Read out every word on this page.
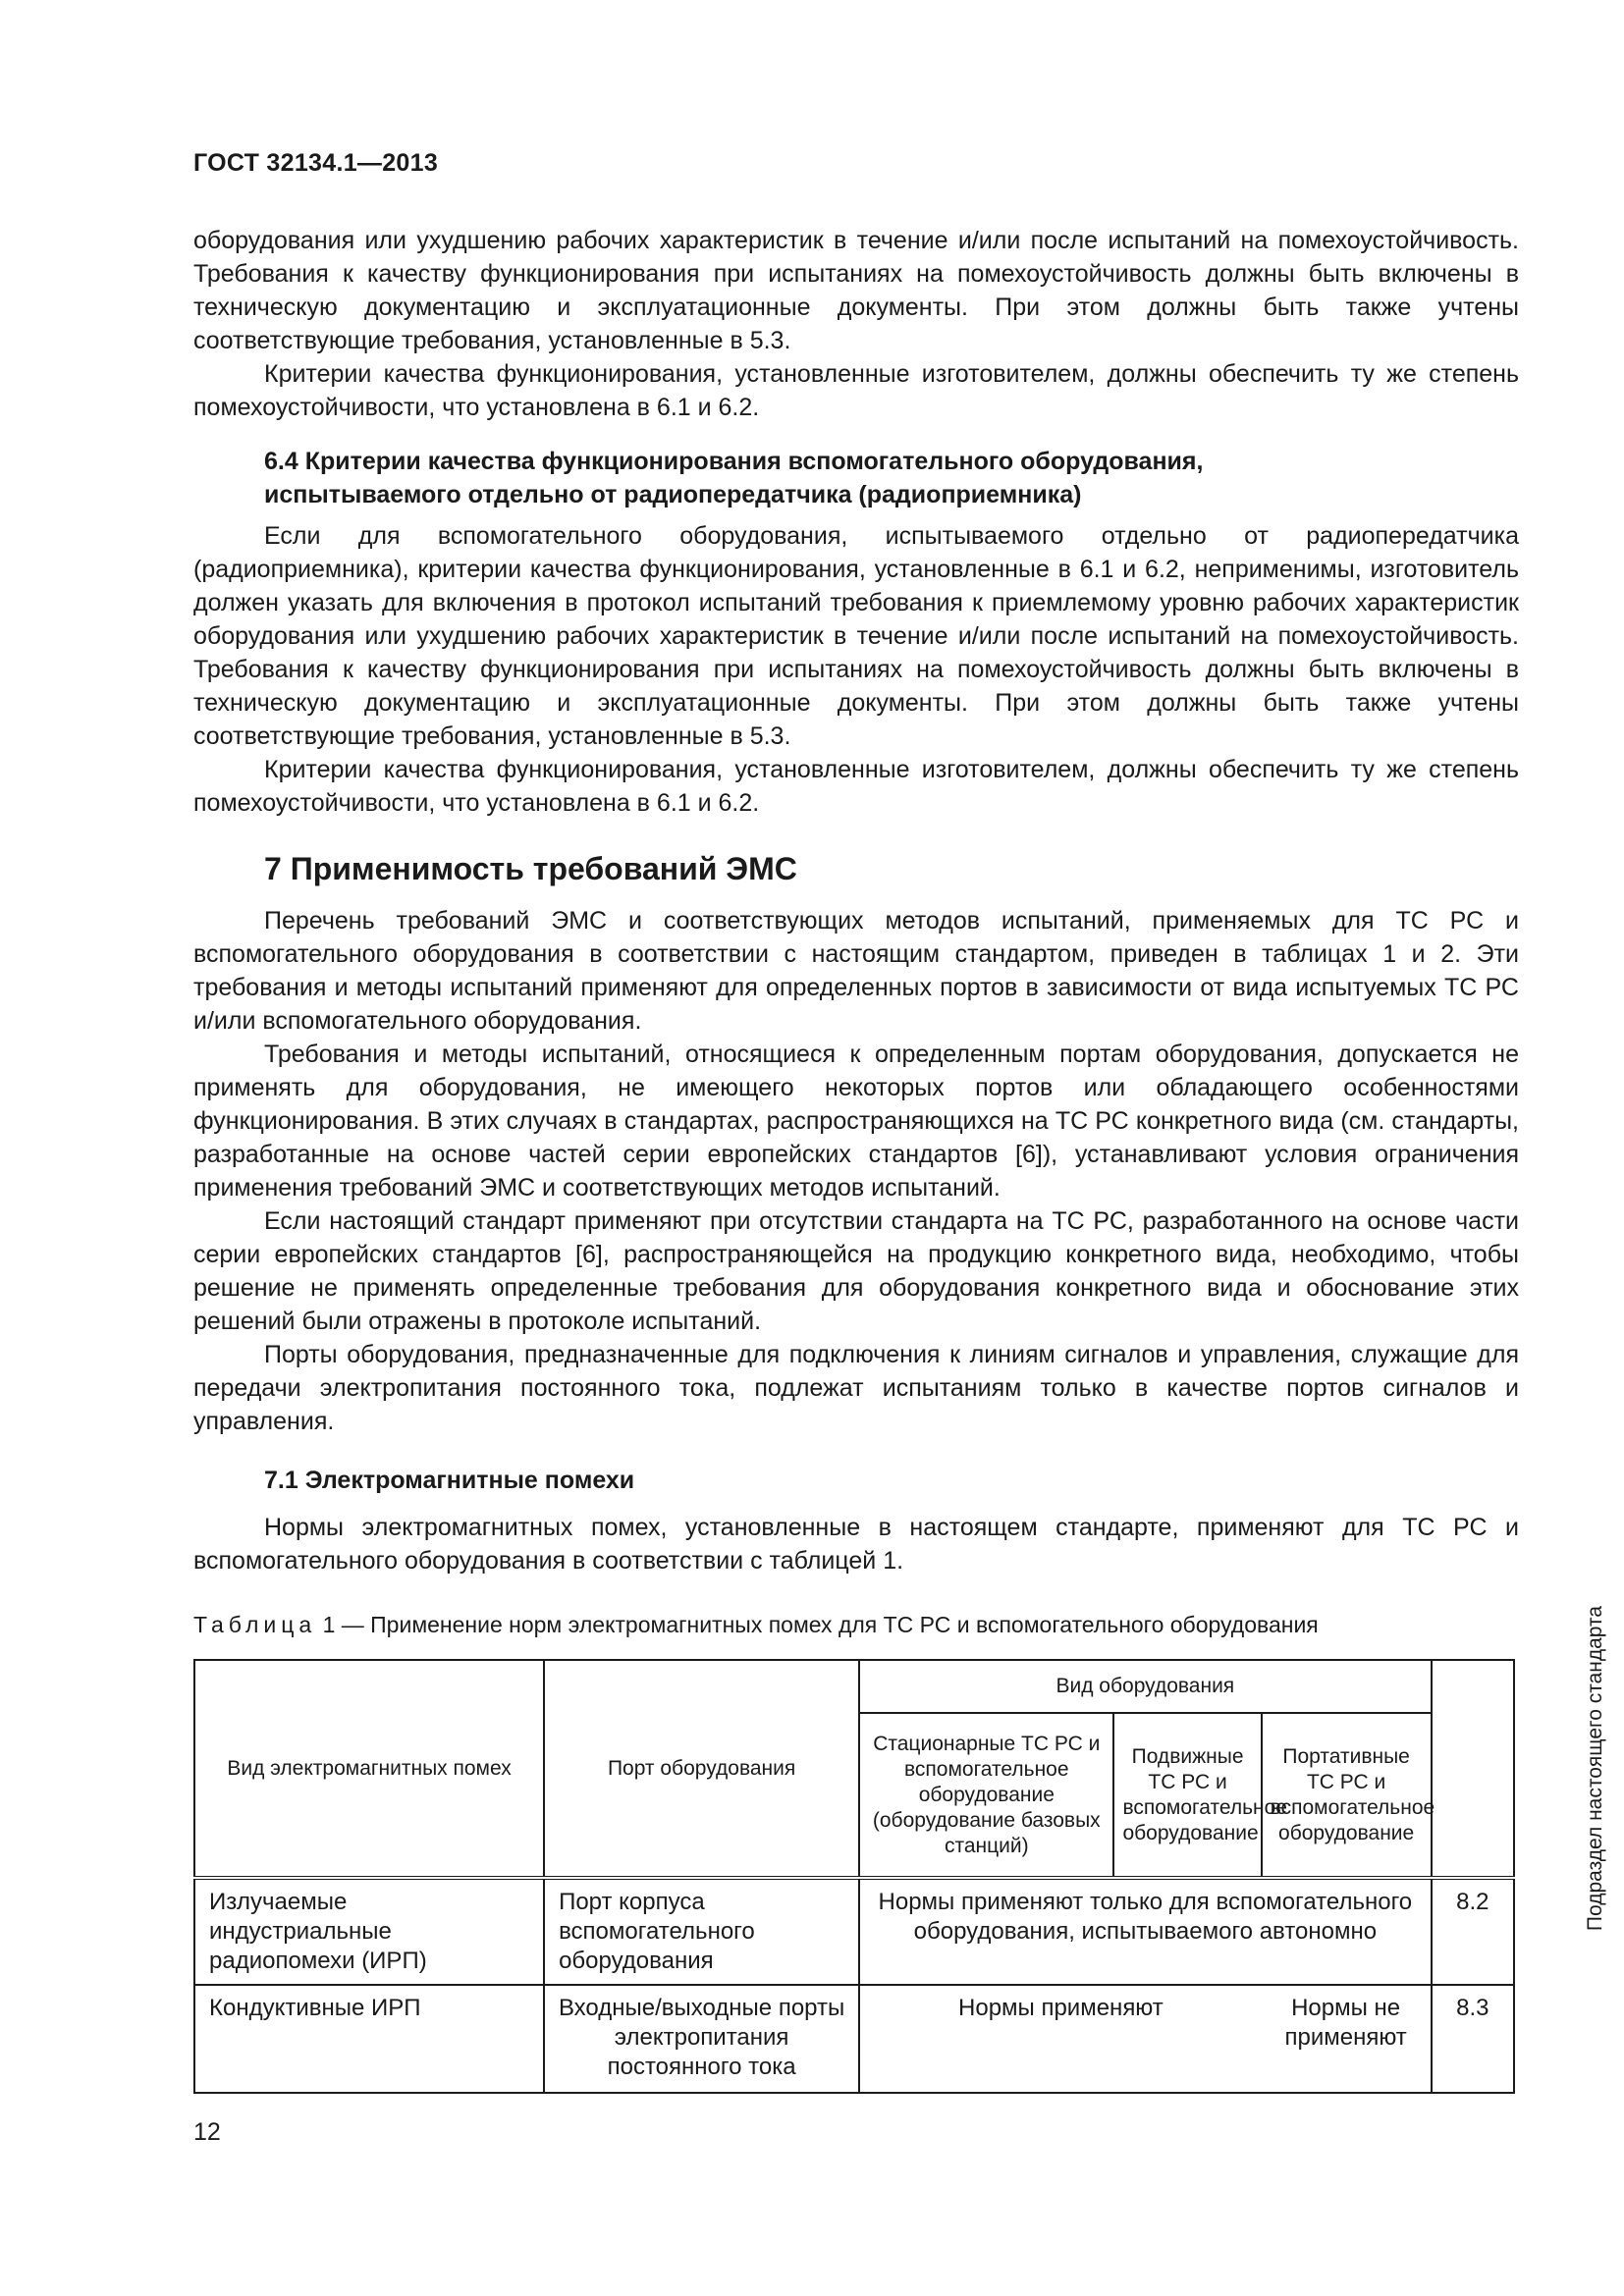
ГОСТ 32134.1—2013

оборудования или ухудшению рабочих характеристик в течение и/или после испытаний на помехоустойчивость. Требования к качеству функционирования при испытаниях на помехоустойчивость должны быть включены в техническую документацию и эксплуатационные документы. При этом должны быть также учтены соответствующие требования, установленные в 5.3.

Критерии качества функционирования, установленные изготовителем, должны обеспечить ту же степень помехоустойчивости, что установлена в 6.1 и 6.2.

6.4 Критерии качества функционирования вспомогательного оборудования,
испытываемого отдельно от радиопередатчика (радиоприемника)

Если для вспомогательного оборудования, испытываемого отдельно от радиопередатчика (радиоприемника), критерии качества функционирования, установленные в 6.1 и 6.2, неприменимы, изготовитель должен указать для включения в протокол испытаний требования к приемлемому уровню рабочих характеристик оборудования или ухудшению рабочих характеристик в течение и/или после испытаний на помехоустойчивость. Требования к качеству функционирования при испытаниях на помехоустойчивость должны быть включены в техническую документацию и эксплуатационные документы. При этом должны быть также учтены соответствующие требования, установленные в 5.3.

Критерии качества функционирования, установленные изготовителем, должны обеспечить ту же степень помехоустойчивости, что установлена в 6.1 и 6.2.

7 Применимость требований ЭМС

Перечень требований ЭМС и соответствующих методов испытаний, применяемых для ТС РС и вспомогательного оборудования в соответствии с настоящим стандартом, приведен в таблицах 1 и 2. Эти требования и методы испытаний применяют для определенных портов в зависимости от вида испытуемых ТС РС и/или вспомогательного оборудования.

Требования и методы испытаний, относящиеся к определенным портам оборудования, допускается не применять для оборудования, не имеющего некоторых портов или обладающего особенностями функционирования. В этих случаях в стандартах, распространяющихся на ТС РС конкретного вида (см. стандарты, разработанные на основе частей серии европейских стандартов [6]), устанавливают условия ограничения применения требований ЭМС и соответствующих методов испытаний.

Если настоящий стандарт применяют при отсутствии стандарта на ТС РС, разработанного на основе части серии европейских стандартов [6], распространяющейся на продукцию конкретного вида, необходимо, чтобы решение не применять определенные требования для оборудования конкретного вида и обоснование этих решений были отражены в протоколе испытаний.

Порты оборудования, предназначенные для подключения к линиям сигналов и управления, служащие для передачи электропитания постоянного тока, подлежат испытаниям только в качестве портов сигналов и управления.

7.1 Электромагнитные помехи

Нормы электромагнитных помех, установленные в настоящем стандарте, применяют для ТС РС и вспомогательного оборудования в соответствии с таблицей 1.

Таблица 1 — Применение норм электромагнитных помех для ТС РС и вспомогательного оборудования
Вид электромагнитных помех	Порт оборудования	Вид оборудования			Подраздел настоящего стандарта
		Стационарные ТС РС и вспомогательное оборудование (оборудование базовых станций)	Подвижные ТС РС и вспомогательное оборудование	Портативные ТС РС и вспомогательное оборудование	
Излучаемые индустриальные радиопомехи (ИРП)	Порт корпуса вспомогательного оборудования	Нормы применяют только для вспомогательного оборудования, испытываемого автономно			8.2
Кондуктивные ИРП	Входные/выходные порты электропитания постоянного тока	Нормы применяют		Нормы не применяют	8.3
12
